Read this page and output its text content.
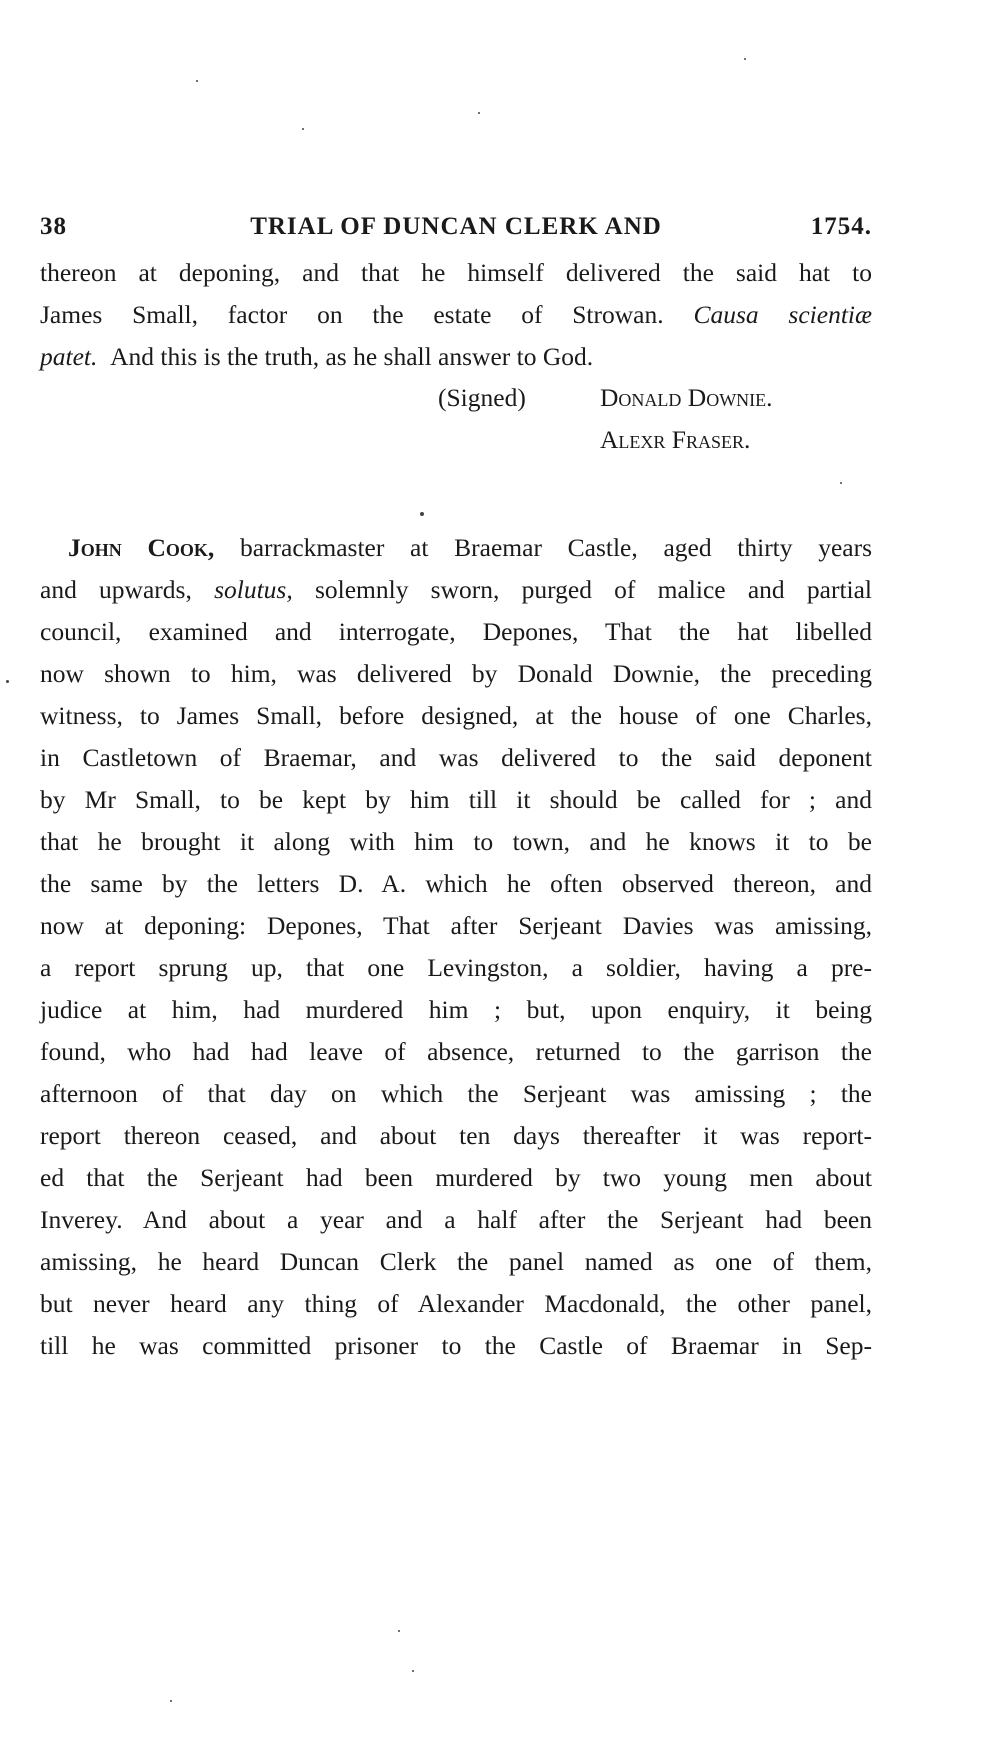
38	TRIAL OF DUNCAN CLERK AND	1754.
thereon at deponing, and that he himself delivered the said hat to
James Small, factor on the estate of Strowan. Causa scientiæ
patet. And this is the truth, as he shall answer to God.
(Signed)	Donald Downie.
Alexr Fraser.
John Cook, barrackmaster at Braemar Castle, aged thirty years
and upwards, solutus, solemnly sworn, purged of malice and partial
council, examined and interrogate, Depones, That the hat libelled
now shown to him, was delivered by Donald Downie, the preceding
witness, to James Small, before designed, at the house of one Charles,
in Castletown of Braemar, and was delivered to the said deponent
by Mr Small, to be kept by him till it should be called for ; and
that he brought it along with him to town, and he knows it to be
the same by the letters D. A. which he often observed thereon, and
now at deponing: Depones, That after Serjeant Davies was amissing,
a report sprung up, that one Levingston, a soldier, having a pre-
judice at him, had murdered him ; but, upon enquiry, it being
found, who had had leave of absence, returned to the garrison the
afternoon of that day on which the Serjeant was amissing ; the
report thereon ceased, and about ten days thereafter it was report-
ed that the Serjeant had been murdered by two young men about
Inverey. And about a year and a half after the Serjeant had been
amissing, he heard Duncan Clerk the panel named as one of them,
but never heard any thing of Alexander Macdonald, the other panel,
till he was committed prisoner to the Castle of Braemar in Sep-
